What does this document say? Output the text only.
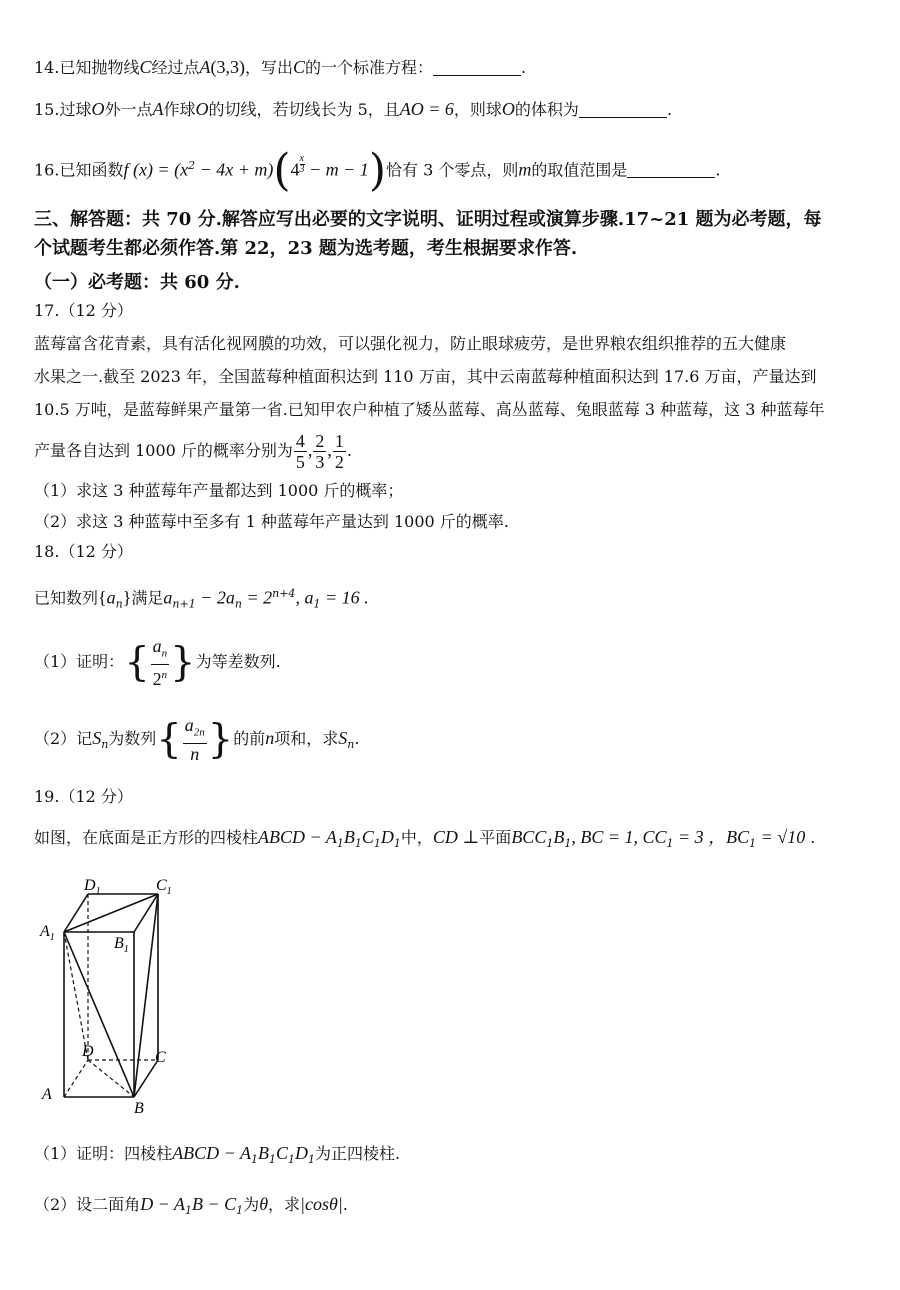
14.已知抛物线C经过点A(3,3)，写出C的一个标准方程：	.
15.过球O外一点A作球O的切线，若切线长为 5，且AO = 6，则球O的体积为	.
16.已知函数f $(x) = (x^2 - 4x + m)(4 \frac{x}{3} - m - 1)$恰有 3 个零点，则m的取值范围是	.
三、解答题：共 70 分.解答应写出必要的文字说明、证明过程或演算步骤.17~21 题为必考题，每
个试题考生都必须作答.第 22，23 题为选考题，考生根据要求作答.
（一）必考题：共 60 分.
17.（12 分）
蓝莓富含花青素，具有活化视网膜的功效，可以强化视力，防止眼球疲劳，是世界粮农组织推荐的五大健康
水果之一.截至 2023 年，全国蓝莓种植面积达到 110 万亩，其中云南蓝莓种植面积达到 17.6 万亩，产量达到
10.5 万吨，是蓝莓鲜果产量第一省.已知甲农户种植了矮丛蓝莓、高丛蓝莓、兔眼蓝莓 3 种蓝莓，这 3 种蓝莓年
产量各自达到 1000 斤的概率分别为 $\frac{4}{5}$ , $\frac{2}{3}$ , $\frac{1}{2}$ .
（1）求这 3 种蓝莓年产量都达到 1000 斤的概率；
（2）求这 3 种蓝莓中至多有 1 种蓝莓年产量达到 1000 斤的概率.
18.（12 分）
已知数列$\{a_n\}$满足$a_{n+1} - 2a_n = 2^{n+4}$, $a_1 = 16$ .
（1）证明：{ $\frac{a_n}{2^n}$ }为等差数列.
（2）记$S_n$为数列{ $\frac{a_{2n}}{n}$ }的前n项和，求$S_n$.
19.（12 分）
如图，在底面是正方形的四棱柱ABCD − $A_1B_1C_1D_1$中，CD ⊥平面$BCC_1B_1$, BC = 1, $CC_1 = 3$ ，$BC_1 = √10$ .
$D_1$	$C_1$
$A_1$	$B_1$
D	C
A
B
（1）证明：四棱柱ABCD − $A_1B_1C_1D_1$为正四棱柱.
（2）设二面角$D - A_1B - C_1$为θ，求|cosθ|.
